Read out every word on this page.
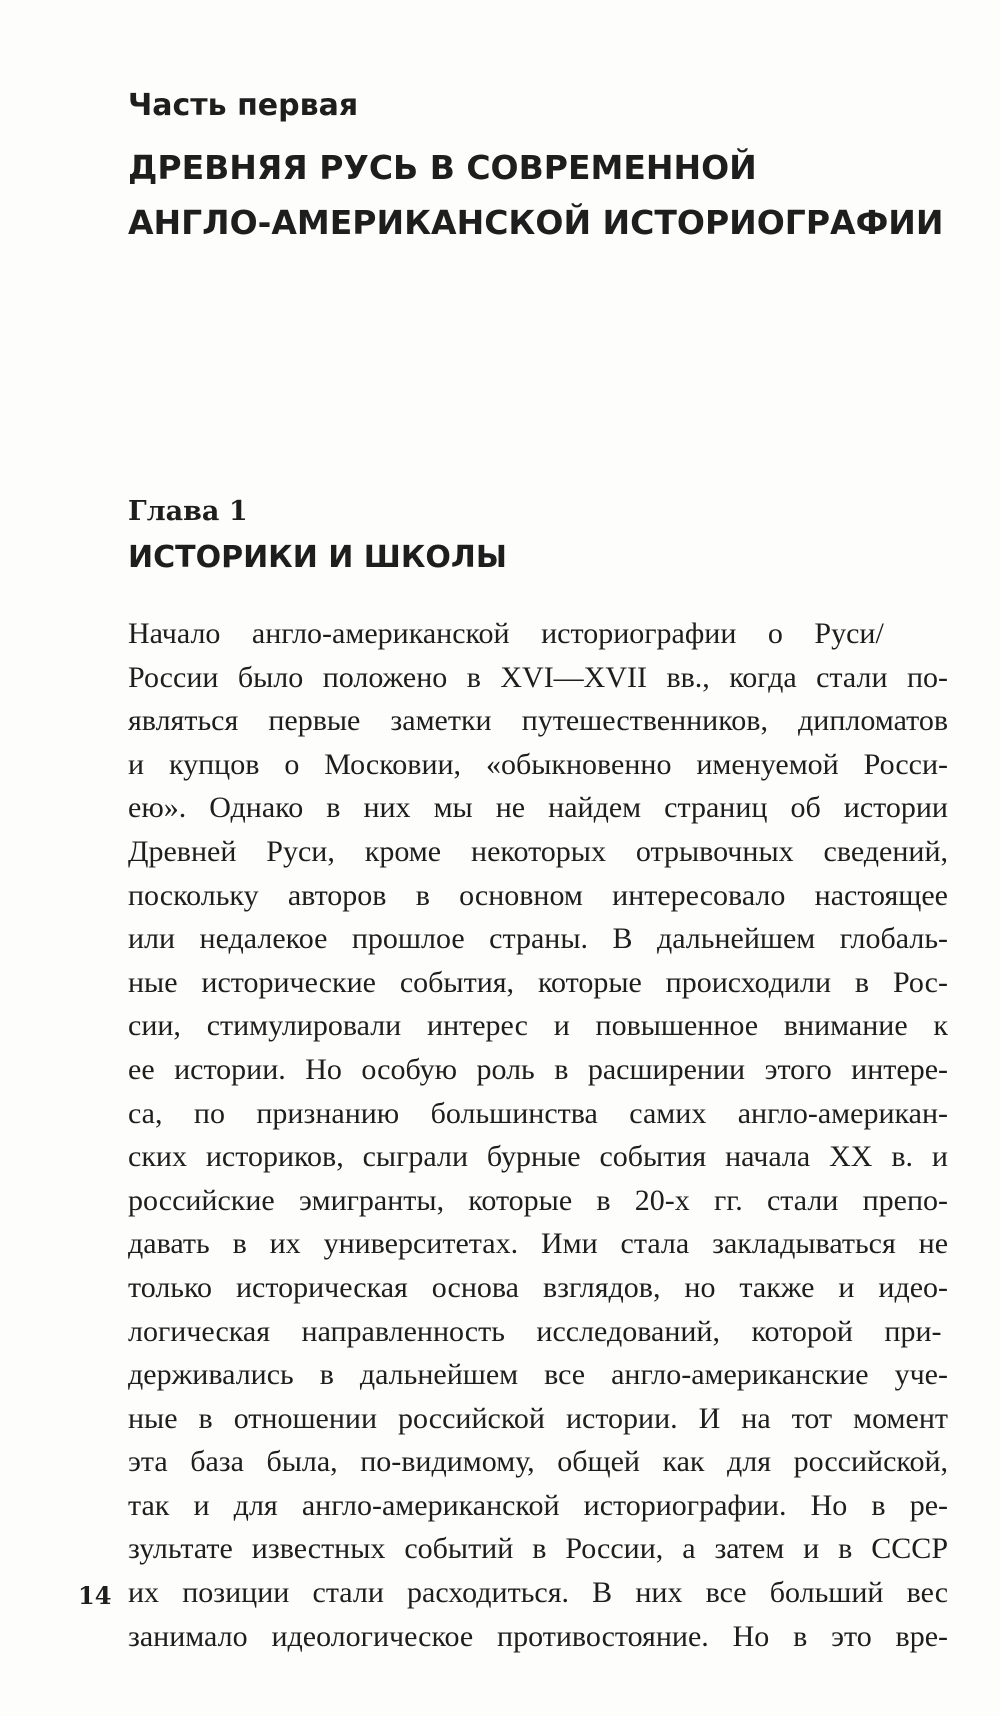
Часть первая
ДРЕВНЯЯ РУСЬ В СОВРЕМЕННОЙ
АНГЛО-АМЕРИКАНСКОЙ ИСТОРИОГРАФИИ
Глава 1
ИСТОРИКИ И ШКОЛЫ
Начало англо-американской историографии о Руси/
России было положено в XVI—XVII вв., когда стали по-
являться первые заметки путешественников, дипломатов
и купцов о Московии, «обыкновенно именуемой Росси-
ею». Однако в них мы не найдем страниц об истории
Древней Руси, кроме некоторых отрывочных сведений,
поскольку авторов в основном интересовало настоящее
или недалекое прошлое страны. В дальнейшем глобаль-
ные исторические события, которые происходили в Рос-
сии, стимулировали интерес и повышенное внимание к
ее истории. Но особую роль в расширении этого интере-
са, по признанию большинства самих англо-американ-
ских историков, сыграли бурные события начала XX в. и
российские эмигранты, которые в 20-х гг. стали препо-
давать в их университетах. Ими стала закладываться не
только историческая основа взглядов, но также и идео-
логическая направленность исследований, которой при-
держивались в дальнейшем все англо-американские уче-
ные в отношении российской истории. И на тот момент
эта база была, по-видимому, общей как для российской,
так и для англо-американской историографии. Но в ре-
зультате известных событий в России, а затем и в СССР
их позиции стали расходиться. В них все больший вес
занимало идеологическое противостояние. Но в это вре-
14
